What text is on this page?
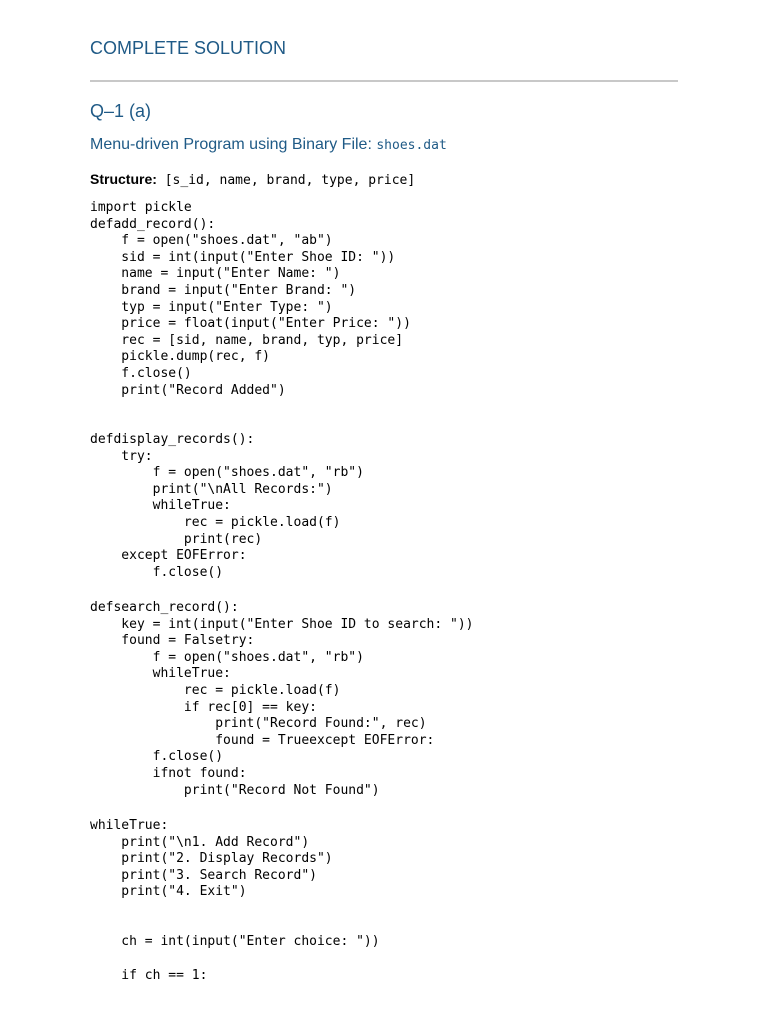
COMPLETE SOLUTION
Q–1 (a)
Menu-driven Program using Binary File: shoes.dat
Structure: [s_id, name, brand, type, price]
import pickle
defadd_record():
f = open("shoes.dat", "ab")
sid = int(input("Enter Shoe ID: "))
name = input("Enter Name: ")
brand = input("Enter Brand: ")
typ = input("Enter Type: ")
price = float(input("Enter Price: "))
rec = [sid, name, brand, typ, price]
pickle.dump(rec, f)
f.close()
print("Record Added")
defdisplay_records():
try:
f = open("shoes.dat", "rb")
print("\nAll Records:")
whileTrue:
rec = pickle.load(f)
print(rec)
except EOFError:
f.close()
defsearch_record():
key = int(input("Enter Shoe ID to search: "))
found = Falsetry:
f = open("shoes.dat", "rb")
whileTrue:
rec = pickle.load(f)
if rec[0] == key:
print("Record Found:", rec)
found = Trueexcept EOFError:
f.close()
ifnot found:
print("Record Not Found")
whileTrue:
print("\n1. Add Record")
print("2. Display Records")
print("3. Search Record")
print("4. Exit")
ch = int(input("Enter choice: "))
if ch == 1:
